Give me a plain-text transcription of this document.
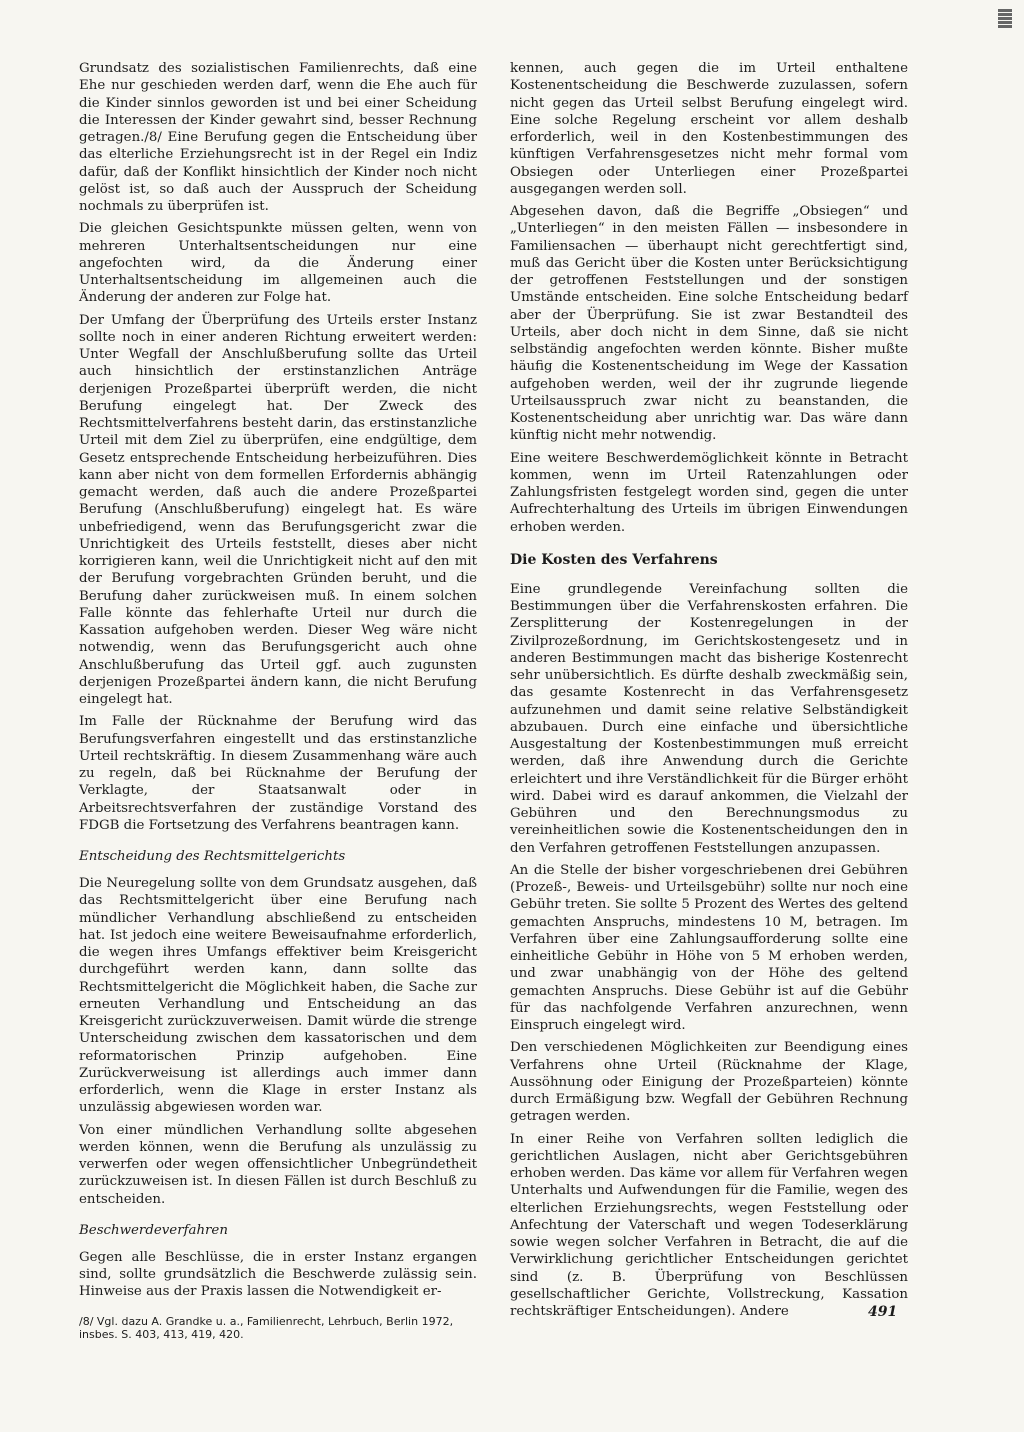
Grundsatz des sozialistischen Familienrechts, daß eine Ehe nur geschieden werden darf, wenn die Ehe auch für die Kinder sinnlos geworden ist und bei einer Scheidung die Interessen der Kinder gewahrt sind, besser Rechnung getragen./8/ Eine Berufung gegen die Entscheidung über das elterliche Erziehungsrecht ist in der Regel ein Indiz dafür, daß der Konflikt hinsichtlich der Kinder noch nicht gelöst ist, so daß auch der Ausspruch der Scheidung nochmals zu überprüfen ist.

Die gleichen Gesichtspunkte müssen gelten, wenn von mehreren Unterhaltsentscheidungen nur eine angefochten wird, da die Änderung einer Unterhaltsentscheidung im allgemeinen auch die Änderung der anderen zur Folge hat.

Der Umfang der Überprüfung des Urteils erster Instanz sollte noch in einer anderen Richtung erweitert werden: Unter Wegfall der Anschlußberufung sollte das Urteil auch hinsichtlich der erstinstanzlichen Anträge derjenigen Prozeßpartei überprüft werden, die nicht Berufung eingelegt hat. Der Zweck des Rechtsmittelverfahrens besteht darin, das erstinstanzliche Urteil mit dem Ziel zu überprüfen, eine endgültige, dem Gesetz entsprechende Entscheidung herbeizuführen. Dies kann aber nicht von dem formellen Erfordernis abhängig gemacht werden, daß auch die andere Prozeßpartei Berufung (Anschlußberufung) eingelegt hat. Es wäre unbefriedigend, wenn das Berufungsgericht zwar die Unrichtigkeit des Urteils feststellt, dieses aber nicht korrigieren kann, weil die Unrichtigkeit nicht auf den mit der Berufung vorgebrachten Gründen beruht, und die Berufung daher zurückweisen muß. In einem solchen Falle könnte das fehlerhafte Urteil nur durch die Kassation aufgehoben werden. Dieser Weg wäre nicht notwendig, wenn das Berufungsgericht auch ohne Anschlußberufung das Urteil ggf. auch zugunsten derjenigen Prozeßpartei ändern kann, die nicht Berufung eingelegt hat.

Im Falle der Rücknahme der Berufung wird das Berufungsverfahren eingestellt und das erstinstanzliche Urteil rechtskräftig. In diesem Zusammenhang wäre auch zu regeln, daß bei Rücknahme der Berufung der Verklagte, der Staatsanwalt oder in Arbeitsrechtsverfahren der zuständige Vorstand des FDGB die Fortsetzung des Verfahrens beantragen kann.

Entscheidung des Rechtsmittelgerichts

Die Neuregelung sollte von dem Grundsatz ausgehen, daß das Rechtsmittelgericht über eine Berufung nach mündlicher Verhandlung abschließend zu entscheiden hat. Ist jedoch eine weitere Beweisaufnahme erforderlich, die wegen ihres Umfangs effektiver beim Kreisgericht durchgeführt werden kann, dann sollte das Rechtsmittelgericht die Möglichkeit haben, die Sache zur erneuten Verhandlung und Entscheidung an das Kreisgericht zurückzuverweisen. Damit würde die strenge Unterscheidung zwischen dem kassatorischen und dem reformatorischen Prinzip aufgehoben. Eine Zurückverweisung ist allerdings auch immer dann erforderlich, wenn die Klage in erster Instanz als unzulässig abgewiesen worden war.

Von einer mündlichen Verhandlung sollte abgesehen werden können, wenn die Berufung als unzulässig zu verwerfen oder wegen offensichtlicher Unbegründetheit zurückzuweisen ist. In diesen Fällen ist durch Beschluß zu entscheiden.

Beschwerdeverfahren

Gegen alle Beschlüsse, die in erster Instanz ergangen sind, sollte grundsätzlich die Beschwerde zulässig sein. Hinweise aus der Praxis lassen die Notwendigkeit er-

/8/ Vgl. dazu A. Grandke u. a., Familienrecht, Lehrbuch, Berlin 1972, insbes. S. 403, 413, 419, 420.

kennen, auch gegen die im Urteil enthaltene Kostenentscheidung die Beschwerde zuzulassen, sofern nicht gegen das Urteil selbst Berufung eingelegt wird. Eine solche Regelung erscheint vor allem deshalb erforderlich, weil in den Kostenbestimmungen des künftigen Verfahrensgesetzes nicht mehr formal vom Obsiegen oder Unterliegen einer Prozeßpartei ausgegangen werden soll.

Abgesehen davon, daß die Begriffe „Obsiegen“ und „Unterliegen“ in den meisten Fällen — insbesondere in Familiensachen — überhaupt nicht gerechtfertigt sind, muß das Gericht über die Kosten unter Berücksichtigung der getroffenen Feststellungen und der sonstigen Umstände entscheiden. Eine solche Entscheidung bedarf aber der Überprüfung. Sie ist zwar Bestandteil des Urteils, aber doch nicht in dem Sinne, daß sie nicht selbständig angefochten werden könnte. Bisher mußte häufig die Kostenentscheidung im Wege der Kassation aufgehoben werden, weil der ihr zugrunde liegende Urteilsausspruch zwar nicht zu beanstanden, die Kostenentscheidung aber unrichtig war. Das wäre dann künftig nicht mehr notwendig.

Eine weitere Beschwerdemöglichkeit könnte in Betracht kommen, wenn im Urteil Ratenzahlungen oder Zahlungsfristen festgelegt worden sind, gegen die unter Aufrechterhaltung des Urteils im übrigen Einwendungen erhoben werden.

Die Kosten des Verfahrens

Eine grundlegende Vereinfachung sollten die Bestimmungen über die Verfahrenskosten erfahren. Die Zersplitterung der Kostenregelungen in der Zivilprozeßordnung, im Gerichtskostengesetz und in anderen Bestimmungen macht das bisherige Kostenrecht sehr unübersichtlich. Es dürfte deshalb zweckmäßig sein, das gesamte Kostenrecht in das Verfahrensgesetz aufzunehmen und damit seine relative Selbständigkeit abzubauen. Durch eine einfache und übersichtliche Ausgestaltung der Kostenbestimmungen muß erreicht werden, daß ihre Anwendung durch die Gerichte erleichtert und ihre Verständlichkeit für die Bürger erhöht wird. Dabei wird es darauf ankommen, die Vielzahl der Gebühren und den Berechnungsmodus zu vereinheitlichen sowie die Kostenentscheidungen den in den Verfahren getroffenen Feststellungen anzupassen.

An die Stelle der bisher vorgeschriebenen drei Gebühren (Prozeß-, Beweis- und Urteilsgebühr) sollte nur noch eine Gebühr treten. Sie sollte 5 Prozent des Wertes des geltend gemachten Anspruchs, mindestens 10 M, betragen. Im Verfahren über eine Zahlungsaufforderung sollte eine einheitliche Gebühr in Höhe von 5 M erhoben werden, und zwar unabhängig von der Höhe des geltend gemachten Anspruchs. Diese Gebühr ist auf die Gebühr für das nachfolgende Verfahren anzurechnen, wenn Einspruch eingelegt wird.

Den verschiedenen Möglichkeiten zur Beendigung eines Verfahrens ohne Urteil (Rücknahme der Klage, Aussöhnung oder Einigung der Prozeßparteien) könnte durch Ermäßigung bzw. Wegfall der Gebühren Rechnung getragen werden.

In einer Reihe von Verfahren sollten lediglich die gerichtlichen Auslagen, nicht aber Gerichtsgebühren erhoben werden. Das käme vor allem für Verfahren wegen Unterhalts und Aufwendungen für die Familie, wegen des elterlichen Erziehungsrechts, wegen Feststellung oder Anfechtung der Vaterschaft und wegen Todeserklärung sowie wegen solcher Verfahren in Betracht, die auf die Verwirklichung gerichtlicher Entscheidungen gerichtet sind (z. B. Überprüfung von Beschlüssen gesellschaftlicher Gerichte, Vollstreckung, Kassation rechtskräftiger Entscheidungen). Andere	491
